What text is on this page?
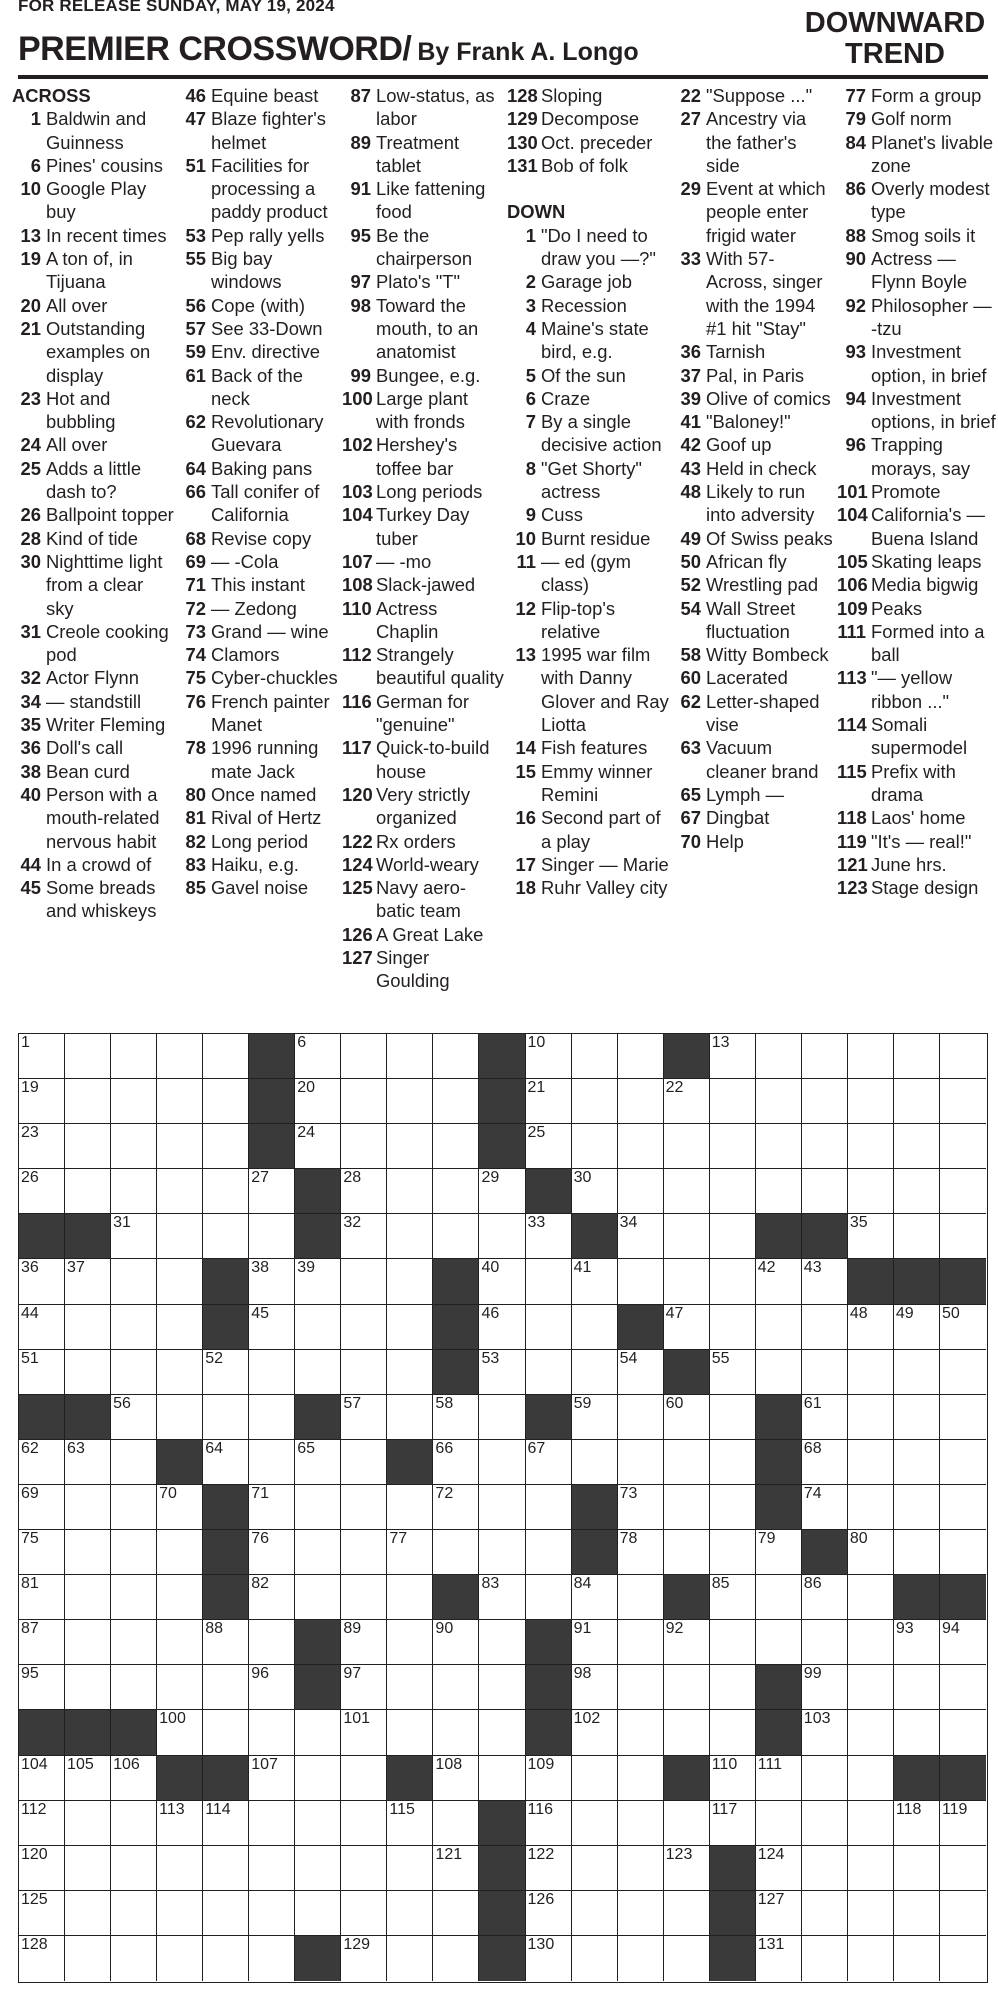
FOR RELEASE SUNDAY, MAY 19, 2024
PREMIER CROSSWORD/ By Frank A. Longo
DOWNWARD TREND
ACROSS
1 Baldwin and Guinness
6 Pines' cousins
10 Google Play buy
13 In recent times
19 A ton of, in Tijuana
20 All over
21 Outstanding examples on display
23 Hot and bubbling
24 All over
25 Adds a little dash to?
26 Ballpoint topper
28 Kind of tide
30 Nighttime light from a clear sky
31 Creole cooking pod
32 Actor Flynn
34 — standstill
35 Writer Fleming
36 Doll's call
38 Bean curd
40 Person with a mouth-related nervous habit
44 In a crowd of
45 Some breads and whiskeys
46 Equine beast
47 Blaze fighter's helmet
51 Facilities for processing a paddy product
53 Pep rally yells
55 Big bay windows
56 Cope (with)
57 See 33-Down
59 Env. directive
61 Back of the neck
62 Revolutionary Guevara
64 Baking pans
66 Tall conifer of California
68 Revise copy
69 — -Cola
71 This instant
72 — Zedong
73 Grand — wine
74 Clamors
75 Cyber-chuckles
76 French painter Manet
78 1996 running mate Jack
80 Once named
81 Rival of Hertz
82 Long period
83 Haiku, e.g.
85 Gavel noise
87 Low-status, as labor
89 Treatment tablet
91 Like fattening food
95 Be the chairperson
97 Plato's "T"
98 Toward the mouth, to an anatomist
99 Bungee, e.g.
100 Large plant with fronds
102 Hershey's toffee bar
103 Long periods
104 Turkey Day tuber
107 — -mo
108 Slack-jawed
110 Actress Chaplin
112 Strangely beautiful quality
116 German for "genuine"
117 Quick-to-build house
120 Very strictly organized
122 Rx orders
124 World-weary
125 Navy aero-batic team
126 A Great Lake
127 Singer Goulding
128 Sloping
129 Decompose
130 Oct. preceder
131 Bob of folk
DOWN
1 "Do I need to draw you —?"
2 Garage job
3 Recession
4 Maine's state bird, e.g.
5 Of the sun
6 Craze
7 By a single decisive action
8 "Get Shorty" actress
9 Cuss
10 Burnt residue
11 — ed (gym class)
12 Flip-top's relative
13 1995 war film with Danny Glover and Ray Liotta
14 Fish features
15 Emmy winner Remini
16 Second part of a play
17 Singer — Marie
18 Ruhr Valley city
22 "Suppose ..."
27 Ancestry via the father's side
29 Event at which people enter frigid water
33 With 57-Across, singer with the 1994 #1 hit "Stay"
36 Tarnish
37 Pal, in Paris
39 Olive of comics
41 "Baloney!"
42 Goof up
43 Held in check
48 Likely to run into adversity
49 Of Swiss peaks
50 African fly
52 Wrestling pad
54 Wall Street fluctuation
58 Witty Bombeck
60 Lacerated
62 Letter-shaped vise
63 Vacuum cleaner brand
65 Lymph —
67 Dingbat
70 Help
77 Form a group
79 Golf norm
84 Planet's livable zone
86 Overly modest type
88 Smog soils it
90 Actress — Flynn Boyle
92 Philosopher — -tzu
93 Investment option, in brief
94 Investment options, in brief
96 Trapping morays, say
101 Promote
104 California's — Buena Island
105 Skating leaps
106 Media bigwig
109 Peaks
111 Formed into a ball
113 "— yellow ribbon ..."
114 Somali supermodel
115 Prefix with drama
118 Laos' home
119 "It's — real!"
121 June hrs.
123 Stage design
1	6	10	13
19	20	21	22
23	24	25
26	27	28	29	30
31	32	33	34	35
36 37	38 39	40	41	42 43
44	45	46	47	48 49 50
51	52	53	54	55
56	57	58	59	60	61
62 63	64	65	66	67	68
69	70	71	72	73	74
75	76	77	78	79	80
81	82	83	84	85	86
87	88	89	90	91	92	93 94
95	96	97	98	99
100	101	102	103
104 105 106	107	108	109	110 111
112	113 114	115	116	117	118 119
120	121	122	123	124
125	126	127
128	129	130	131
